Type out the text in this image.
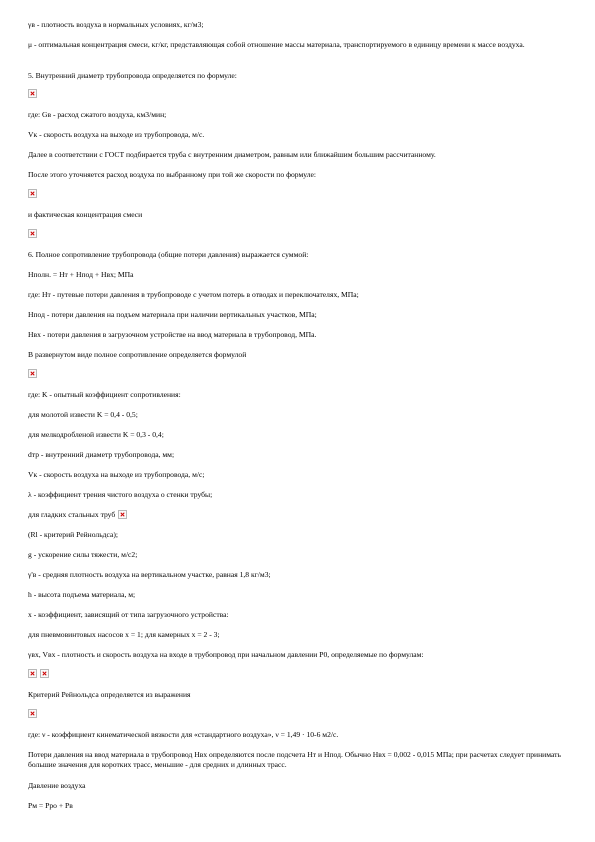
γв - плотность воздуха в нормальных условиях, кг/м3;
μ - оптимальная концентрация смеси, кг/кг, представляющая собой отношение массы материала, транспортируемого в единицу времени к массе воздуха.
5. Внутренний диаметр трубопровода определяется по формуле:
где: Gв - расход сжатого воздуха, км3/мин;
Vк - скорость воздуха на выходе из трубопровода, м/с.
Далее в соответствии с ГОСТ подбирается труба с внутренним диаметром, равным или ближайшим большим рассчитанному.
После этого уточняется расход воздуха по выбранному при той же скорости по формуле:
и фактическая концентрация смеси
6. Полное сопротивление трубопровода (общие потери давления) выражается суммой:
Hполн. = Hт + Hпод + Hвх; МПа
где: Hт - путевые потери давления в трубопроводе с учетом потерь в отводах и переключателях, МПа;
Hпод - потери давления на подъем материала при наличии вертикальных участков, МПа;
Hвх - потери давления в загрузочном устройстве на ввод материала в трубопровод, МПа.
В развернутом виде полное сопротивление определяется формулой
где: K - опытный коэффициент сопротивления:
для молотой извести K = 0,4 - 0,5;
для мелкодробленой извести K = 0,3 - 0,4;
dтр - внутренний диаметр трубопровода, мм;
Vк - скорость воздуха на выходе из трубопровода, м/с;
λ - коэффициент трения чистого воздуха о стенки трубы;
для гладких стальных труб
(Rl - критерий Рейнольдса);
g - ускорение силы тяжести, м/с2;
γ'в - средняя плотность воздуха на вертикальном участке, равная 1,8 кг/м3;
h - высота подъема материала, м;
х - коэффициент, зависящий от типа загрузочного устройства:
для пневмовинтовых насосов х = 1; для камерных х = 2 - 3;
γвх, Vвх - плотность и скорость воздуха на входе в трубопровод при начальном давлении P0, определяемые по формулам:
Критерий Рейнольдса определяется из выражения
где: ν - коэффициент кинематической вязкости для «стандартного воздуха», ν = 1,49 · 10-6 м2/с.
Потери давления на ввод материала в трубопровод Hвх определяются после подсчета Hт и Hпод. Обычно Hвх = 0,002 - 0,015 МПа; при расчетах следует принимать большие значения для коротких трасс, меньшие - для средних и длинных трасс.
Давление воздуха
Pм = Pро + Pв
